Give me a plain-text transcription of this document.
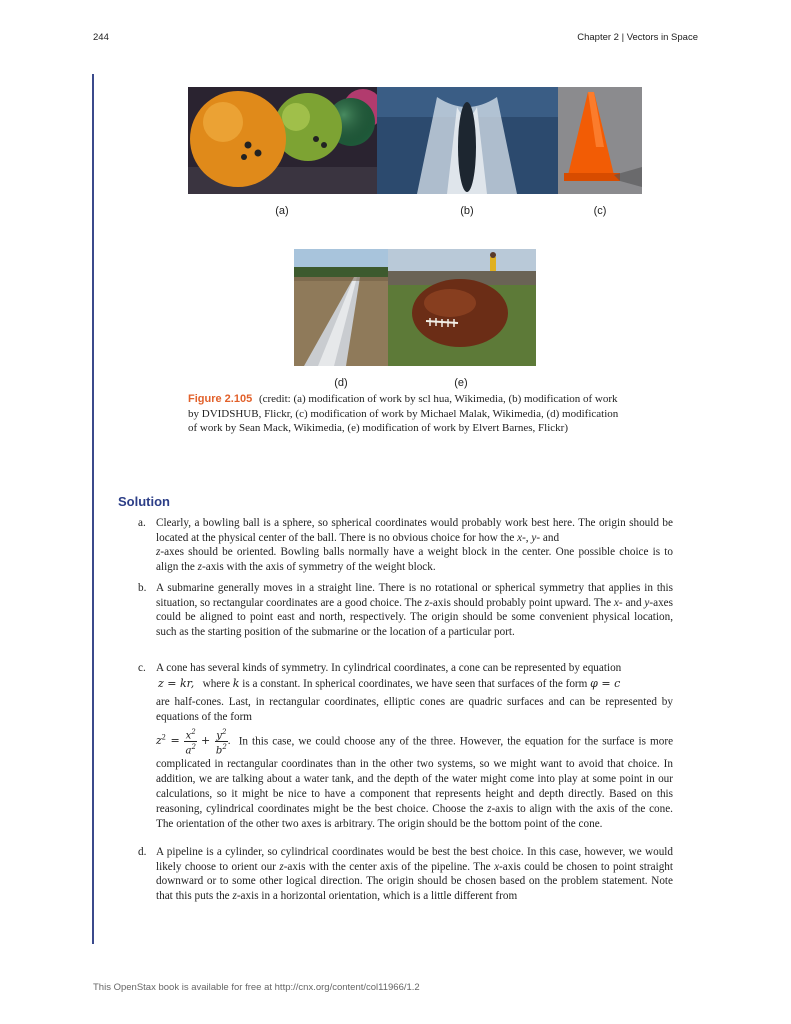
244	Chapter 2 | Vectors in Space
(a)	(b)	(c)
(d)	(e)
Figure 2.105 (credit: (a) modification of work by scl hua, Wikimedia, (b) modification of work by DVIDSHUB, Flickr, (c) modification of work by Michael Malak, Wikimedia, (d) modification of work by Sean Mack, Wikimedia, (e) modification of work by Elvert Barnes, Flickr)
Solution
a. Clearly, a bowling ball is a sphere, so spherical coordinates would probably work best here. The origin should be located at the physical center of the ball. There is no obvious choice for how the x-, y- and
z-axes should be oriented. Bowling balls normally have a weight block in the center. One possible choice is to align the z-axis with the axis of symmetry of the weight block.
b. A submarine generally moves in a straight line. There is no rotational or spherical symmetry that applies in this situation, so rectangular coordinates are a good choice. The z-axis should probably point upward. The x- and y-axes could be aligned to point east and north, respectively. The origin should be some convenient physical location, such as the starting position of the submarine or the location of a particular port.
c. A cone has several kinds of symmetry. In cylindrical coordinates, a cone can be represented by equation
z = kr, where k is a constant. In spherical coordinates, we have seen that surfaces of the form φ = c
are half-cones. Last, in rectangular coordinates, elliptic cones are quadric surfaces and can be represented by equations of the form
$z^2 = \frac{x^2}{a^2} + \frac{y^2}{b^2}$ . In this case, we could choose any of the three. However, the equation for the surface is more complicated in rectangular coordinates than in the other two systems, so we might want to avoid that choice. In addition, we are talking about a water tank, and the depth of the water might come into play at some point in our calculations, so it might be nice to have a component that represents height and depth directly. Based on this reasoning, cylindrical coordinates might be the best choice. Choose the z-axis to align with the axis of the cone. The orientation of the other two axes is arbitrary. The origin should be the bottom point of the cone.
d. A pipeline is a cylinder, so cylindrical coordinates would be best the best choice. In this case, however, we would likely choose to orient our z-axis with the center axis of the pipeline. The x-axis could be chosen to point straight downward or to some other logical direction. The origin should be chosen based on the problem statement. Note that this puts the z-axis in a horizontal orientation, which is a little different from
This OpenStax book is available for free at http://cnx.org/content/col11966/1.2
